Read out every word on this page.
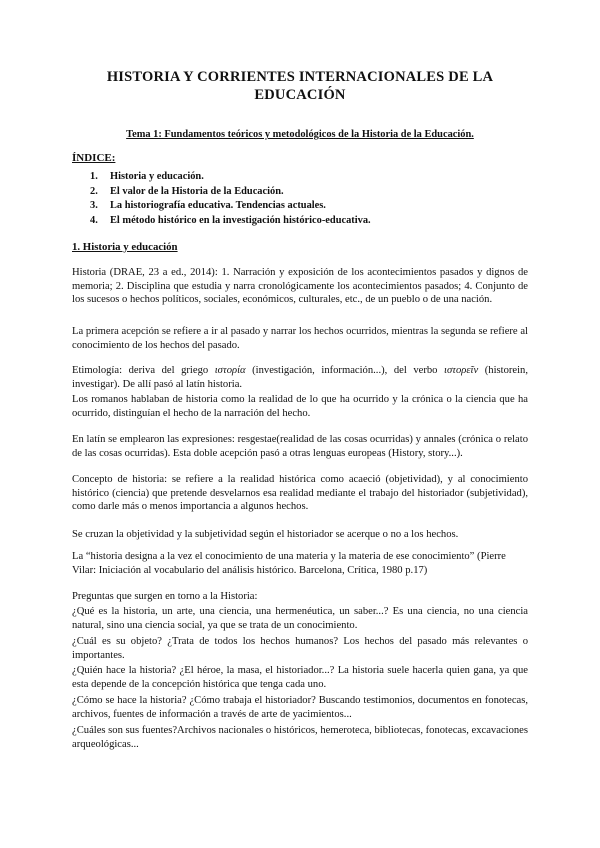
HISTORIA Y CORRIENTES INTERNACIONALES DE LA EDUCACIÓN
Tema 1: Fundamentos teóricos y metodológicos de la Historia de la Educación.
ÍNDICE:
1. Historia y educación.
2. El valor de la Historia de la Educación.
3. La historiografía educativa. Tendencias actuales.
4. El método histórico en la investigación histórico-educativa.
1. Historia y educación

Historia (DRAE, 23 a ed., 2014): 1. Narración y exposición de los acontecimientos pasados y dignos de memoria; 2. Disciplina que estudia y narra cronológicamente los acontecimientos pasados; 4. Conjunto de los sucesos o hechos políticos, sociales, económicos, culturales, etc., de un pueblo o de una nación.

La primera acepción se refiere a ir al pasado y narrar los hechos ocurridos, mientras la segunda se refiere al conocimiento de los hechos del pasado.

Etimología: deriva del griego ιστορία (investigación, información...), del verbo ιστορεῖν (historein, investigar). De allí pasó al latín historia.

Los romanos hablaban de historia como la realidad de lo que ha ocurrido y la crónica o la ciencia que ha ocurrido, distinguían el hecho de la narración del hecho.

En latín se emplearon las expresiones: resgestae(realidad de las cosas ocurridas) y annales (crónica o relato de las cosas ocurridas). Esta doble acepción pasó a otras lenguas europeas (History, story...).

Concepto de historia: se refiere a la realidad histórica como acaeció (objetividad), y al conocimiento histórico (ciencia) que pretende desvelarnos esa realidad mediante el trabajo del historiador (subjetividad), como darle más o menos importancia a algunos hechos.

Se cruzan la objetividad y la subjetividad según el historiador se acerque o no a los hechos.

La “historia designa a la vez el conocimiento de una materia y la materia de ese conocimiento” (Pierre Vilar: Iniciación al vocabulario del análisis histórico. Barcelona, Crítica, 1980 p.17)

Preguntas que surgen en torno a la Historia:

¿Qué es la historia, un arte, una ciencia, una hermenéutica, un saber...? Es una ciencia, no una ciencia natural, sino una ciencia social, ya que se trata de un conocimiento.

¿Cuál es su objeto? ¿Trata de todos los hechos humanos? Los hechos del pasado más relevantes o importantes.

¿Quién hace la historia? ¿El héroe, la masa, el historiador...? La historia suele hacerla quien gana, ya que esta depende de la concepción histórica que tenga cada uno.

¿Cómo se hace la historia? ¿Cómo trabaja el historiador? Buscando testimonios, documentos en fonotecas, archivos, fuentes de información a través de arte de yacimientos...

¿Cuáles son sus fuentes?Archivos nacionales o históricos, hemeroteca, bibliotecas, fonotecas, excavaciones arqueológicas...
